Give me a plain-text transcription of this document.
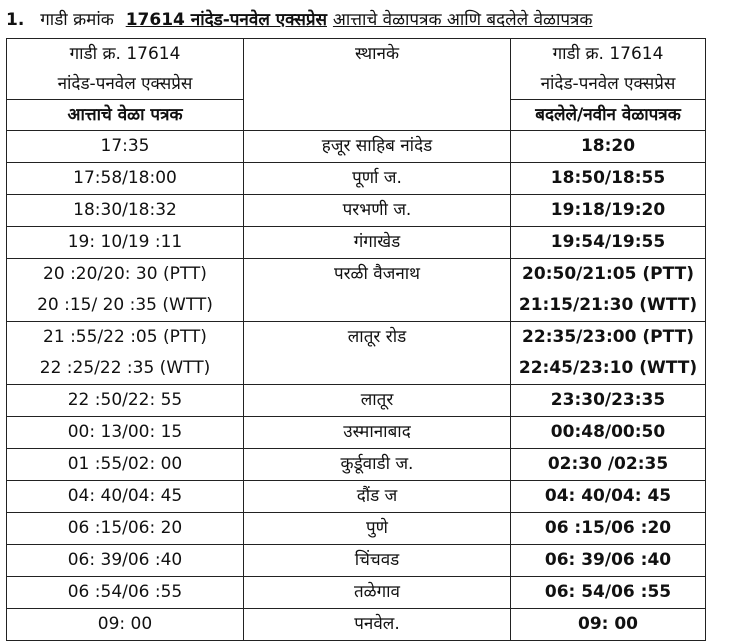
1. गाडी क्रमांक 17614 नांदेड-पनवेल एक्सप्रेस आत्ताचे वेळापत्रक आणि बदलेले वेळापत्रक
गाडी क्र. 17614	स्थानके	गाडी क्र. 17614
नांदेड-पनवेल एक्सप्रेस		नांदेड-पनवेल एक्सप्रेस
आत्ताचे वेळा पत्रक		बदलेले/नवीन वेळापत्रक
17:35	हजूर साहिब नांदेड	18:20
17:58/18:00	पूर्णा ज.	18:50/18:55
18:30/18:32	परभणी ज.	19:18/19:20
19: 10/19 :11	गंगाखेड	19:54/19:55
20 :20/20: 30 (PTT)	परळी वैजनाथ	20:50/21:05 (PTT)
20 :15/ 20 :35 (WTT)		21:15/21:30 (WTT)
21 :55/22 :05 (PTT)	लातूर रोड	22:35/23:00 (PTT)
22 :25/22 :35 (WTT)		22:45/23:10 (WTT)
22 :50/22: 55	लातूर	23:30/23:35
00: 13/00: 15	उस्मानाबाद	00:48/00:50
01 :55/02: 00	कुर्डूवाडी ज.	02:30 /02:35
04: 40/04: 45	दौंड ज	04: 40/04: 45
06 :15/06: 20	पुणे	06 :15/06 :20
06: 39/06 :40	चिंचवड	06: 39/06 :40
06 :54/06 :55	तळेगाव	06: 54/06 :55
09: 00	पनवेल.	09: 00
